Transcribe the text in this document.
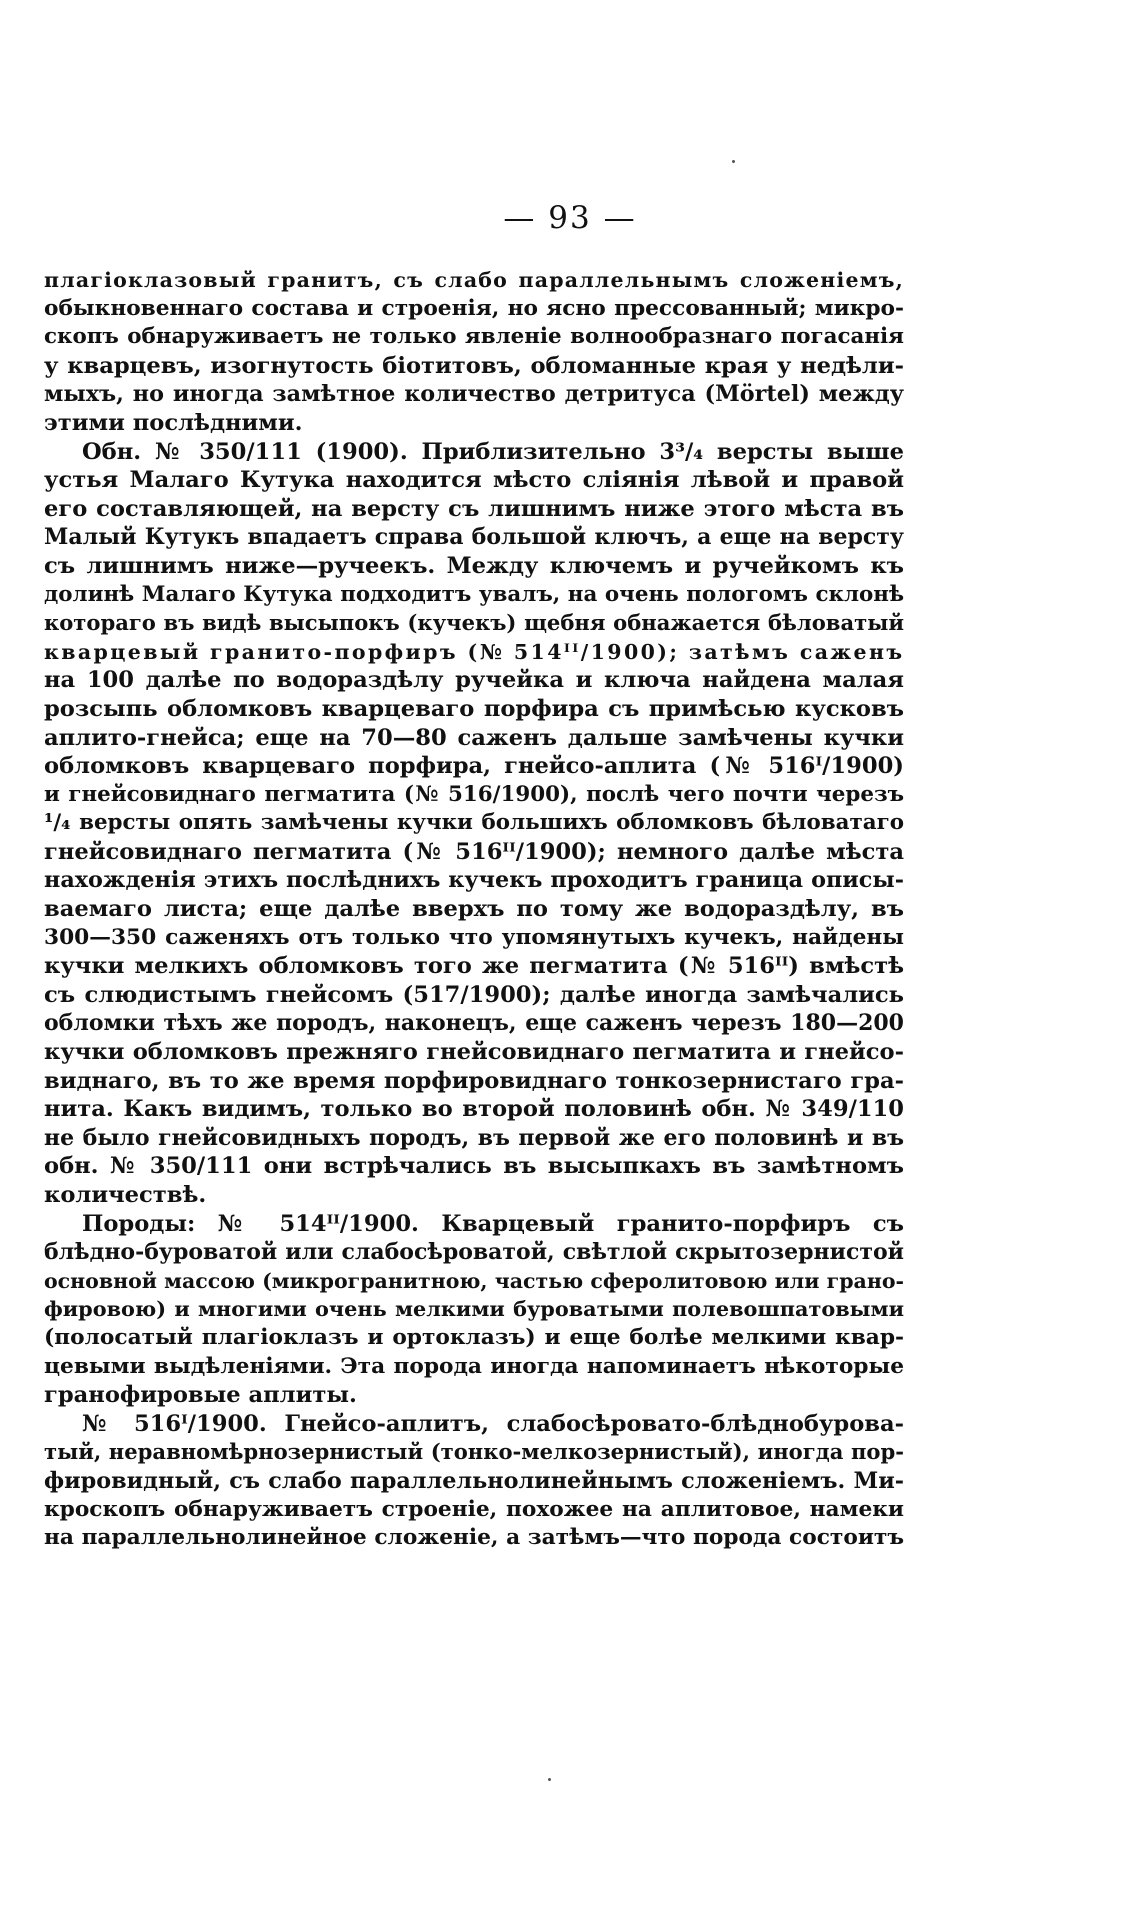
— 93 —
плагіоклазовый гранитъ, съ слабо параллельнымъ сложеніемъ,
обыкновеннаго состава и строенія, но ясно прессованный; микро-
скопъ обнаруживаетъ не только явленіе волнообразнаго погасанія
у кварцевъ, изогнутость біотитовъ, обломанные края у недѣли-
мыхъ, но иногда замѣтное количество детритуса (Mörtel) между
этими послѣдними.
Обн. № 350/111 (1900). Приблизительно 3³/₄ версты выше
устья Малаго Кутука находится мѣсто сліянія лѣвой и правой
его составляющей, на версту съ лишнимъ ниже этого мѣста въ
Малый Кутукъ впадаетъ справа большой ключъ, а еще на версту
съ лишнимъ ниже—ручеекъ. Между ключемъ и ручейкомъ къ
долинѣ Малаго Кутука подходитъ увалъ, на очень пологомъ склонѣ
котораго въ видѣ высыпокъ (кучекъ) щебня обнажается бѣловатый
кварцевый гранито-порфиръ (№ 514ᴵᴵ/1900); затѣмъ саженъ
на 100 далѣе по водораздѣлу ручейка и ключа найдена малая
розсыпь обломковъ кварцеваго порфира съ примѣсью кусковъ
аплито-гнейса; еще на 70—80 саженъ дальше замѣчены кучки
обломковъ кварцеваго порфира, гнейсо-аплита (№ 516ᴵ/1900)
и гнейсовиднаго пегматита (№ 516/1900), послѣ чего почти черезъ
¹/₄ версты опять замѣчены кучки большихъ обломковъ бѣловатаго
гнейсовиднаго пегматита (№ 516ᴵᴵ/1900); немного далѣе мѣста
нахожденія этихъ послѣднихъ кучекъ проходитъ граница описы-
ваемаго листа; еще далѣе вверхъ по тому же водораздѣлу, въ
300—350 саженяхъ отъ только что упомянутыхъ кучекъ, найдены
кучки мелкихъ обломковъ того же пегматита (№ 516ᴵᴵ) вмѣстѣ
съ слюдистымъ гнейсомъ (517/1900); далѣе иногда замѣчались
обломки тѣхъ же породъ, наконецъ, еще саженъ черезъ 180—200
кучки обломковъ прежняго гнейсовиднаго пегматита и гнейсо-
виднаго, въ то же время порфировиднаго тонкозернистаго гра-
нита. Какъ видимъ, только во второй половинѣ обн. № 349/110
не было гнейсовидныхъ породъ, въ первой же его половинѣ и въ
обн. № 350/111 они встрѣчались въ высыпкахъ въ замѣтномъ
количествѣ.
Породы: № 514ᴵᴵ/1900. Кварцевый гранито-порфиръ съ
блѣдно-буроватой или слабосѣроватой, свѣтлой скрытозернистой
основной массою (микрогранитною, частью сферолитовою или грано-
фировою) и многими очень мелкими буроватыми полевошпатовыми
(полосатый плагіоклазъ и ортоклазъ) и еще болѣе мелкими квар-
цевыми выдѣленіями. Эта порода иногда напоминаетъ нѣкоторые
гранофировые аплиты.
№ 516ᴵ/1900. Гнейсо-аплитъ, слабосѣровато-блѣднобурова-
тый, неравномѣрнозернистый (тонко-мелкозернистый), иногда пор-
фировидный, съ слабо параллельнолинейнымъ сложеніемъ. Ми-
кроскопъ обнаруживаетъ строеніе, похожее на аплитовое, намеки
на параллельнолинейное сложеніе, а затѣмъ—что порода состоитъ
